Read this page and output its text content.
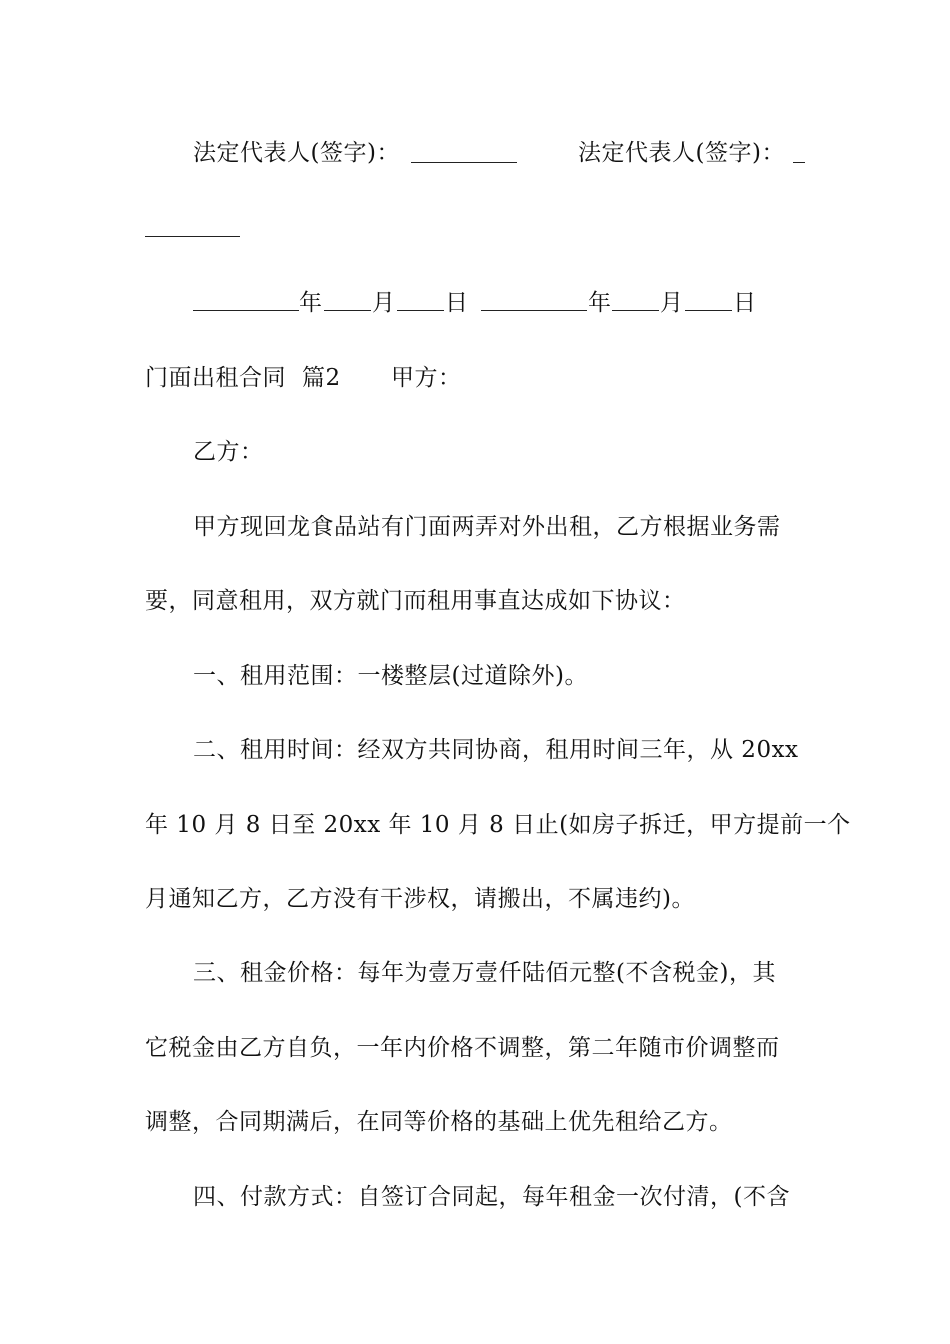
法定代表人(签字)：	法定代表人(签字)：
年 月 日	年 月 日
门面出租合同 篇2 甲方：
乙方：
甲方现回龙食品站有门面两弄对外出租，乙方根据业务需
要，同意租用，双方就门而租用事直达成如下协议：
一、租用范围：一楼整层(过道除外)。
二、租用时间：经双方共同协商，租用时间三年，从 20xx
年 10 月 8 日至 20xx 年 10 月 8 日止(如房子拆迁，甲方提前一个
月通知乙方，乙方没有干涉权，请搬出，不属违约)。
三、租金价格：每年为壹万壹仟陆佰元整(不含税金)，其
它税金由乙方自负，一年内价格不调整，第二年随市价调整而
调整，合同期满后，在同等价格的基础上优先租给乙方。
四、付款方式：自签订合同起，每年租金一次付清，(不含
